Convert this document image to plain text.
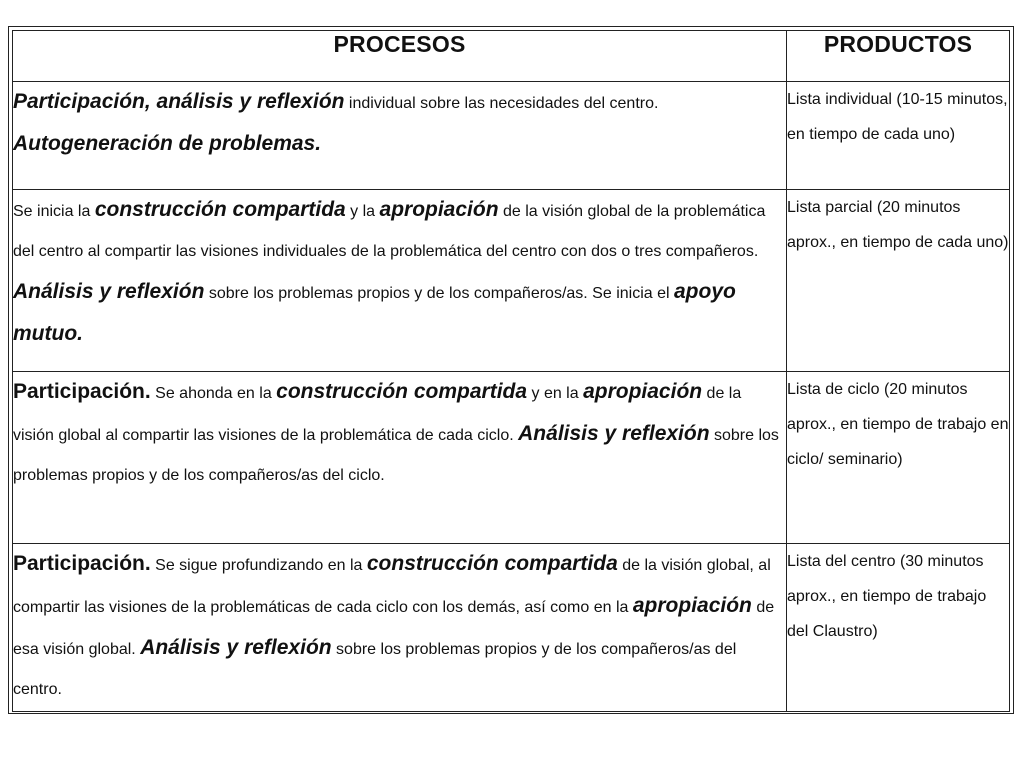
PROCESOS	PRODUCTOS
Participación, análisis y reflexión individual sobre las necesidades del centro. Autogeneración de problemas.	Lista individual (10-15 minutos, en tiempo de cada uno)
Se inicia la construcción compartida y la apropiación de la visión global de la problemática del centro al compartir las visiones individuales de la problemática del centro con dos o tres compañeros. Análisis y reflexión sobre los problemas propios y de los compañeros/as. Se inicia el apoyo mutuo.	Lista parcial (20 minutos aprox., en tiempo de cada uno)
Participación. Se ahonda en la construcción compartida y en la apropiación de la visión global al compartir las visiones de la problemática de cada ciclo. Análisis y reflexión sobre los problemas propios y de los compañeros/as del ciclo.	Lista de ciclo (20 minutos aprox., en tiempo de trabajo en ciclo/ seminario)
Participación. Se sigue profundizando en la construcción compartida de la visión global, al compartir las visiones de la problemáticas de cada ciclo con los demás, así como en la apropiación de esa visión global. Análisis y reflexión sobre los problemas propios y de los compañeros/as del centro.	Lista del centro (30 minutos aprox., en tiempo de trabajo del Claustro)
